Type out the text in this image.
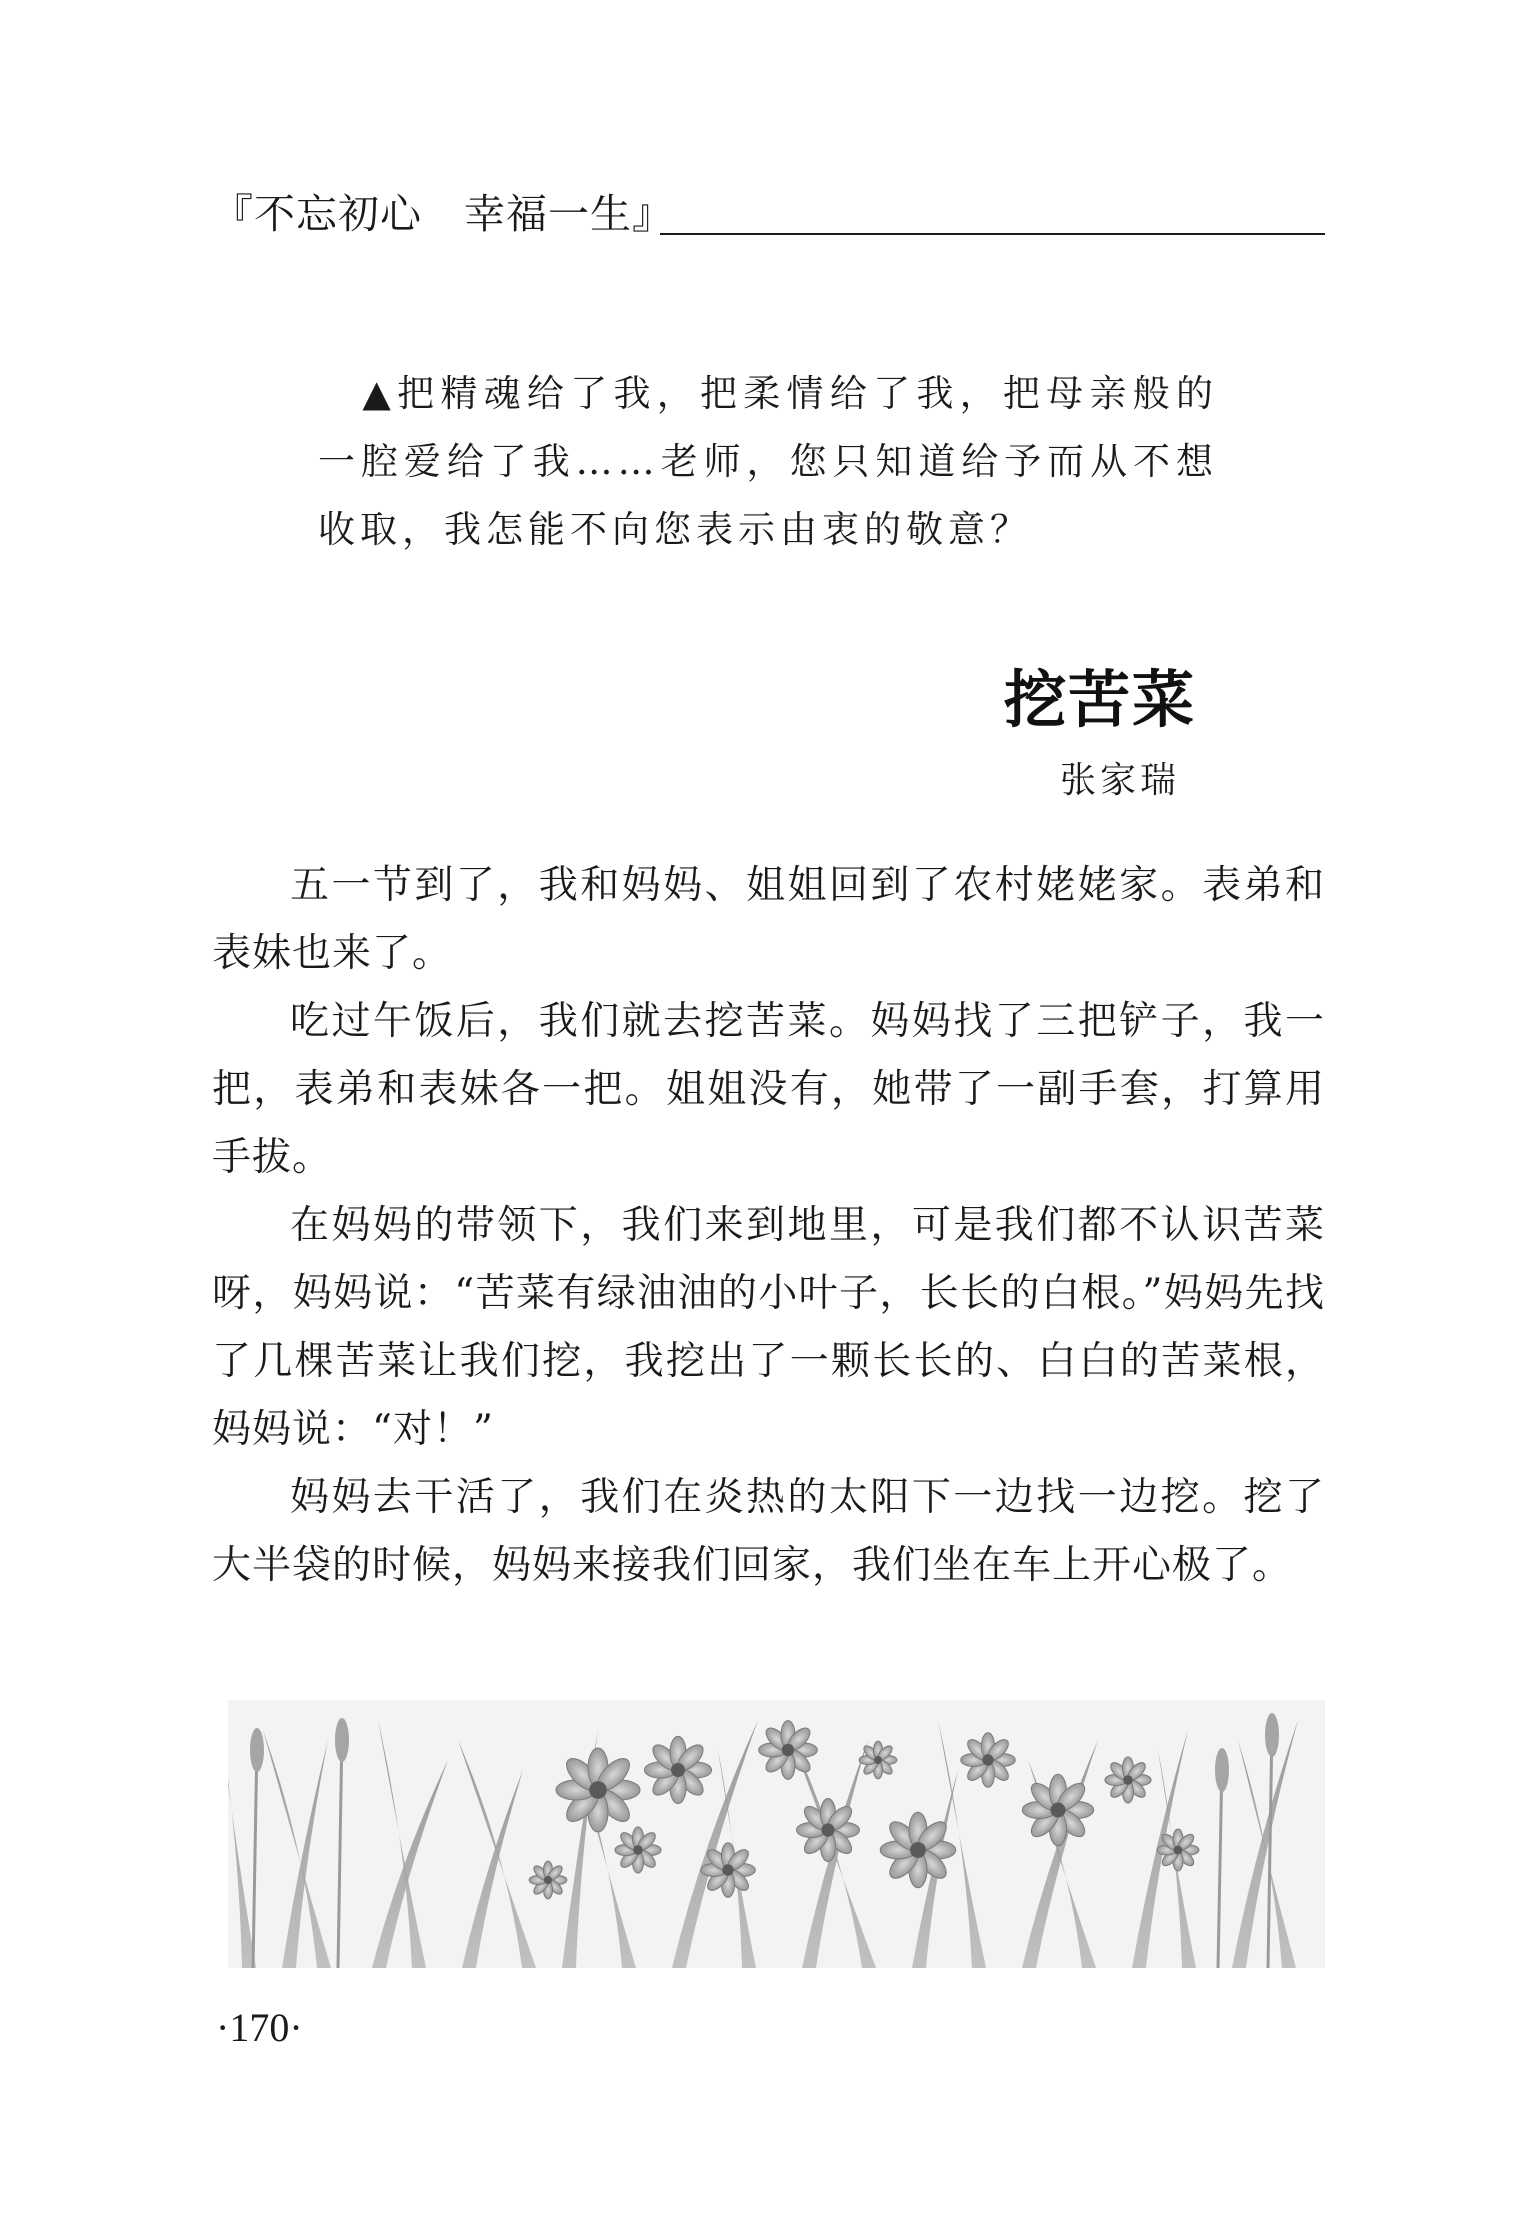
『不忘初心　幸福一生』
▲把精魂给了我，把柔情给了我，把母亲般的一腔爱给了我……老师，您只知道给予而从不想收取，我怎能不向您表示由衷的敬意？
挖苦菜
张家瑞

五一节到了，我和妈妈、姐姐回到了农村姥姥家。表弟和表妹也来了。

吃过午饭后，我们就去挖苦菜。妈妈找了三把铲子，我一把，表弟和表妹各一把。姐姐没有，她带了一副手套，打算用手拔。

在妈妈的带领下，我们来到地里，可是我们都不认识苦菜呀，妈妈说：“苦菜有绿油油的小叶子，长长的白根。”妈妈先找了几棵苦菜让我们挖，我挖出了一颗长长的、白白的苦菜根，妈妈说：“对！”

妈妈去干活了，我们在炎热的太阳下一边找一边挖。挖了大半袋的时候，妈妈来接我们回家，我们坐在车上开心极了。

·170·
